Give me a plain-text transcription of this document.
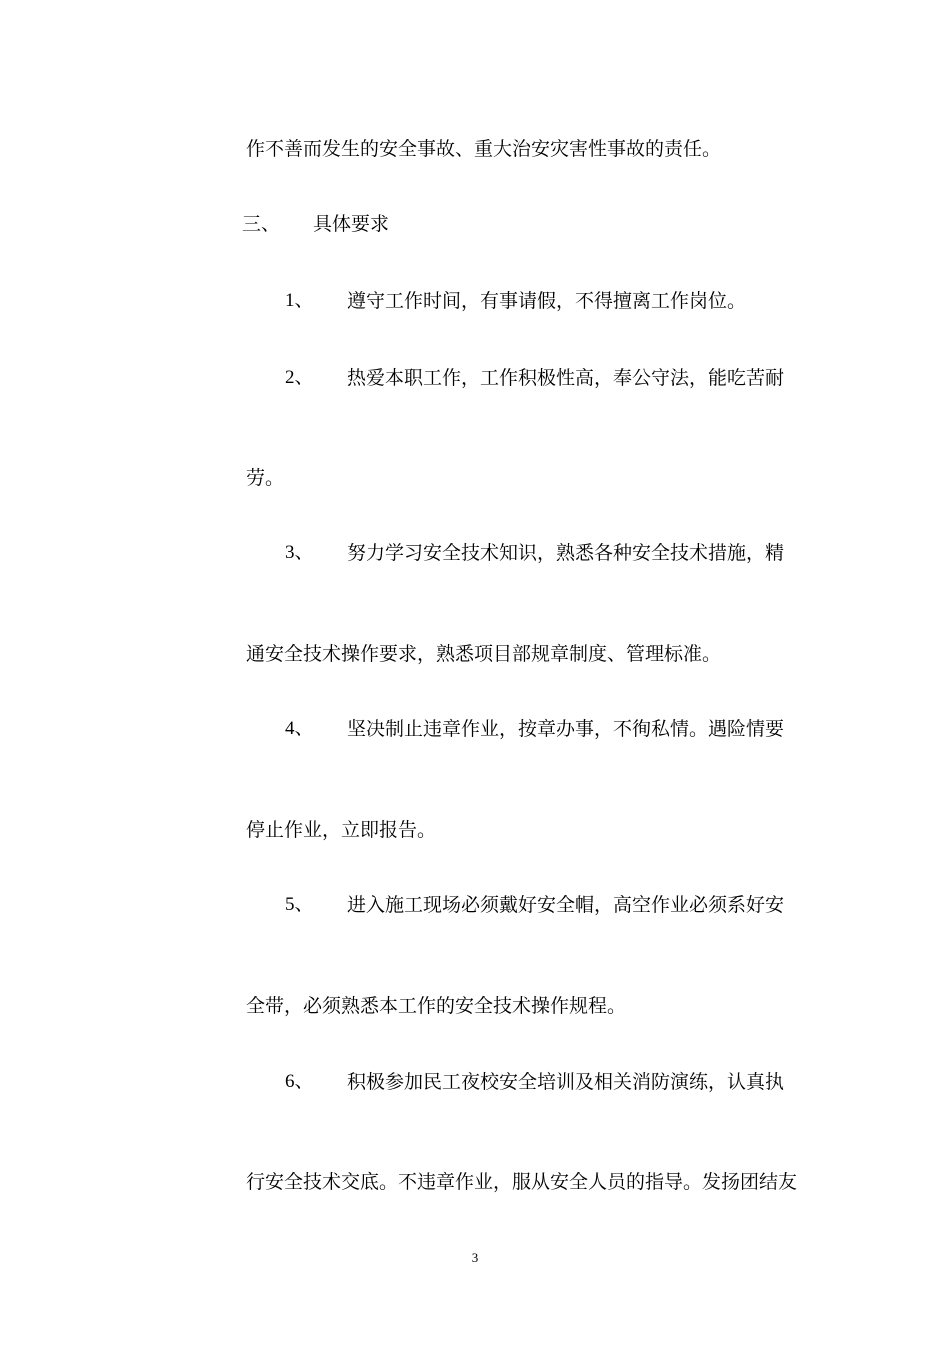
作不善而发生的安全事故、重大治安灾害性事故的责任。
三、 具体要求
1、 遵守工作时间，有事请假，不得擅离工作岗位。
2、 热爱本职工作，工作积极性高，奉公守法，能吃苦耐
劳。
3、 努力学习安全技术知识，熟悉各种安全技术措施，精
通安全技术操作要求，熟悉项目部规章制度、管理标准。
4、 坚决制止违章作业，按章办事，不徇私情。遇险情要
停止作业，立即报告。
5、 进入施工现场必须戴好安全帽，高空作业必须系好安
全带，必须熟悉本工作的安全技术操作规程。
6、 积极参加民工夜校安全培训及相关消防演练，认真执
行安全技术交底。不违章作业，服从安全人员的指导。发扬团结友
3
